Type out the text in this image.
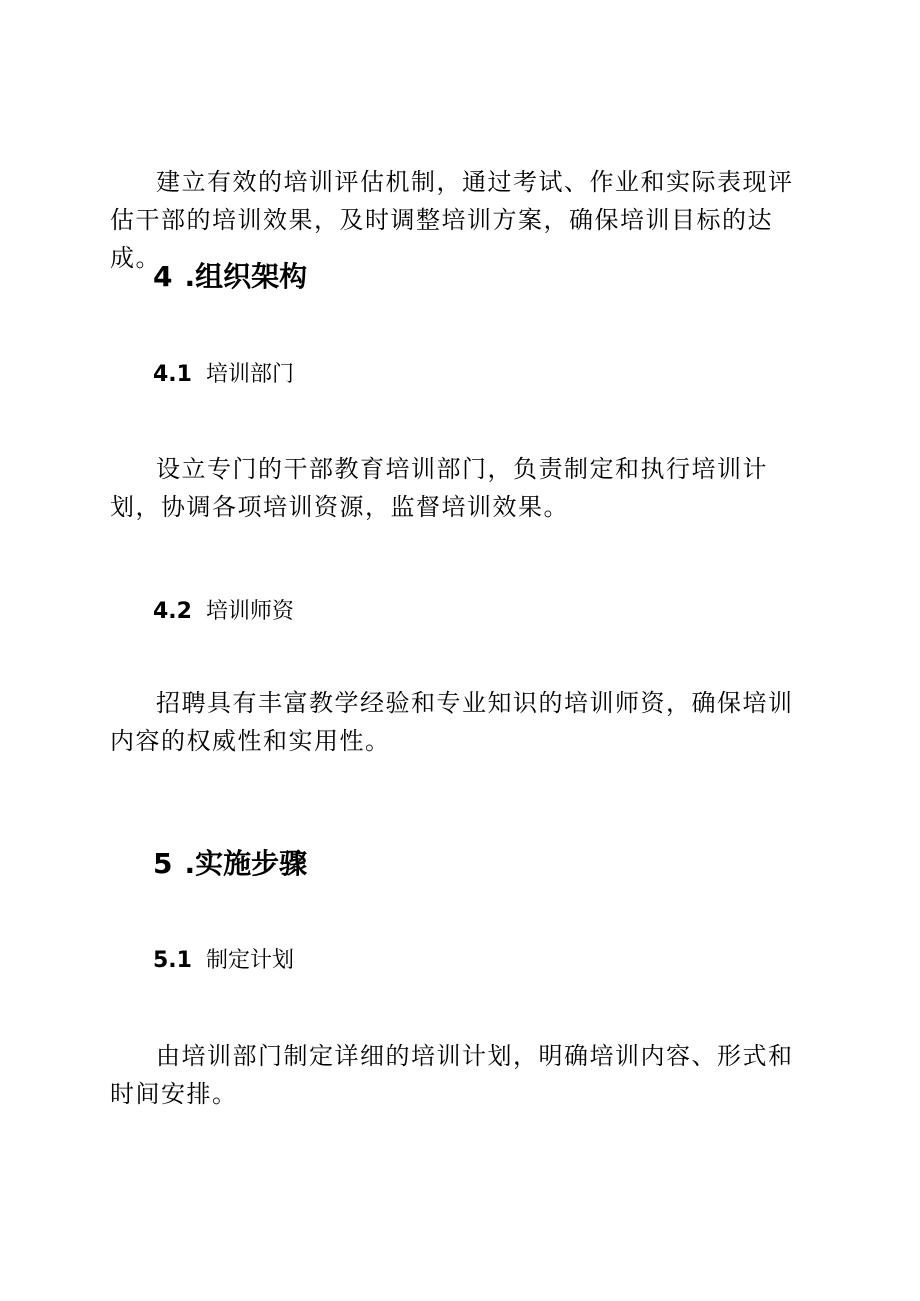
建立有效的培训评估机制，通过考试、作业和实际表现评估干部的培训效果，及时调整培训方案，确保培训目标的达成。

4 .组织架构
4.1 培训部门

设立专门的干部教育培训部门，负责制定和执行培训计划，协调各项培训资源，监督培训效果。

4.2 培训师资

招聘具有丰富教学经验和专业知识的培训师资，确保培训内容的权威性和实用性。

5 .实施步骤
5.1 制定计划

由培训部门制定详细的培训计划，明确培训内容、形式和时间安排。
